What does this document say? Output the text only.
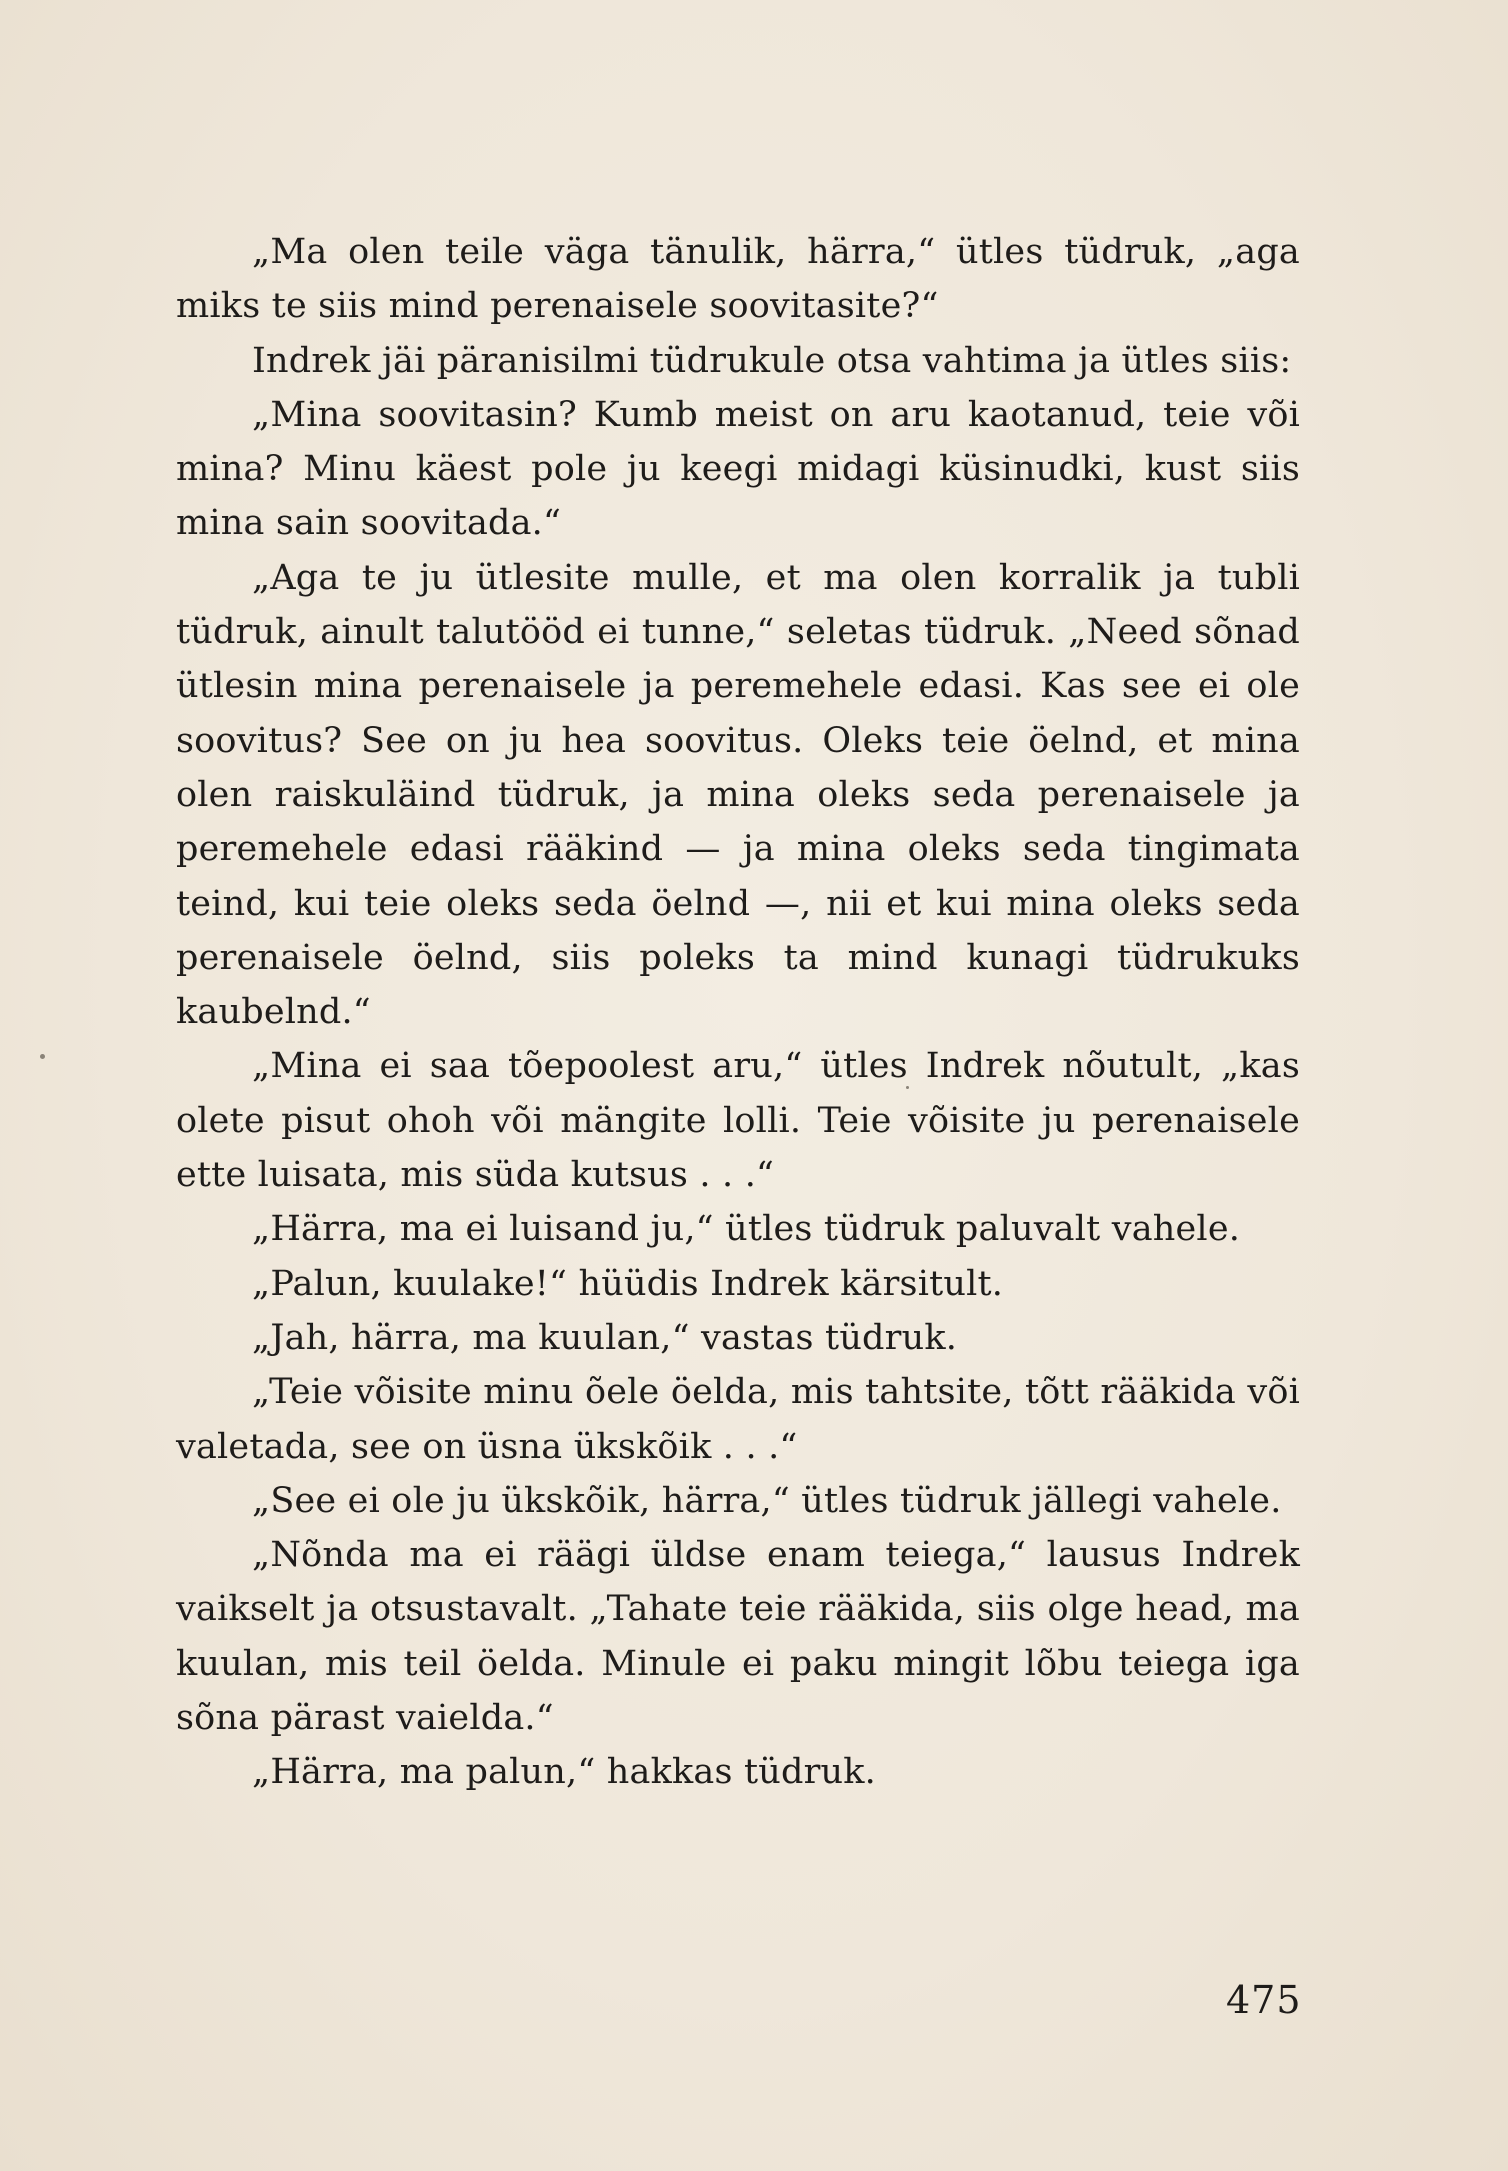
„Ma olen teile väga tänulik, härra,“ ütles tüdruk, „aga miks te siis mind perenaisele soovitasite?“

Indrek jäi päranisilmi tüdrukule otsa vahtima ja ütles siis:

„Mina soovitasin? Kumb meist on aru kaotanud, teie või mina? Minu käest pole ju keegi midagi küsinudki, kust siis mina sain soovitada.“

„Aga te ju ütlesite mulle, et ma olen korralik ja tubli tüdruk, ainult talutööd ei tunne,“ seletas tüdruk. „Need sõnad ütlesin mina perenaisele ja peremehele edasi. Kas see ei ole soovitus? See on ju hea soovitus. Oleks teie öelnd, et mina olen raiskuläind tüdruk, ja mina oleks seda perenaisele ja peremehele edasi rääkind — ja mina oleks seda tingimata teind, kui teie oleks seda öelnd —, nii et kui mina oleks seda perenaisele öelnd, siis poleks ta mind kunagi tüdrukuks kaubelnd.“

„Mina ei saa tõepoolest aru,“ ütles Indrek nõutult, „kas olete pisut ohoh või mängite lolli. Teie võisite ju perenaisele ette luisata, mis süda kutsus . . .“

„Härra, ma ei luisand ju,“ ütles tüdruk paluvalt vahele.

„Palun, kuulake!“ hüüdis Indrek kärsitult.

„Jah, härra, ma kuulan,“ vastas tüdruk.

„Teie võisite minu õele öelda, mis tahtsite, tõtt rääkida või valetada, see on üsna ükskõik . . .“

„See ei ole ju ükskõik, härra,“ ütles tüdruk jällegi vahele.

„Nõnda ma ei räägi üldse enam teiega,“ lausus Indrek vaikselt ja otsustavalt. „Tahate teie rääkida, siis olge head, ma kuulan, mis teil öelda. Minule ei paku mingit lõbu teiega iga sõna pärast vaielda.“

„Härra, ma palun,“ hakkas tüdruk.

475
